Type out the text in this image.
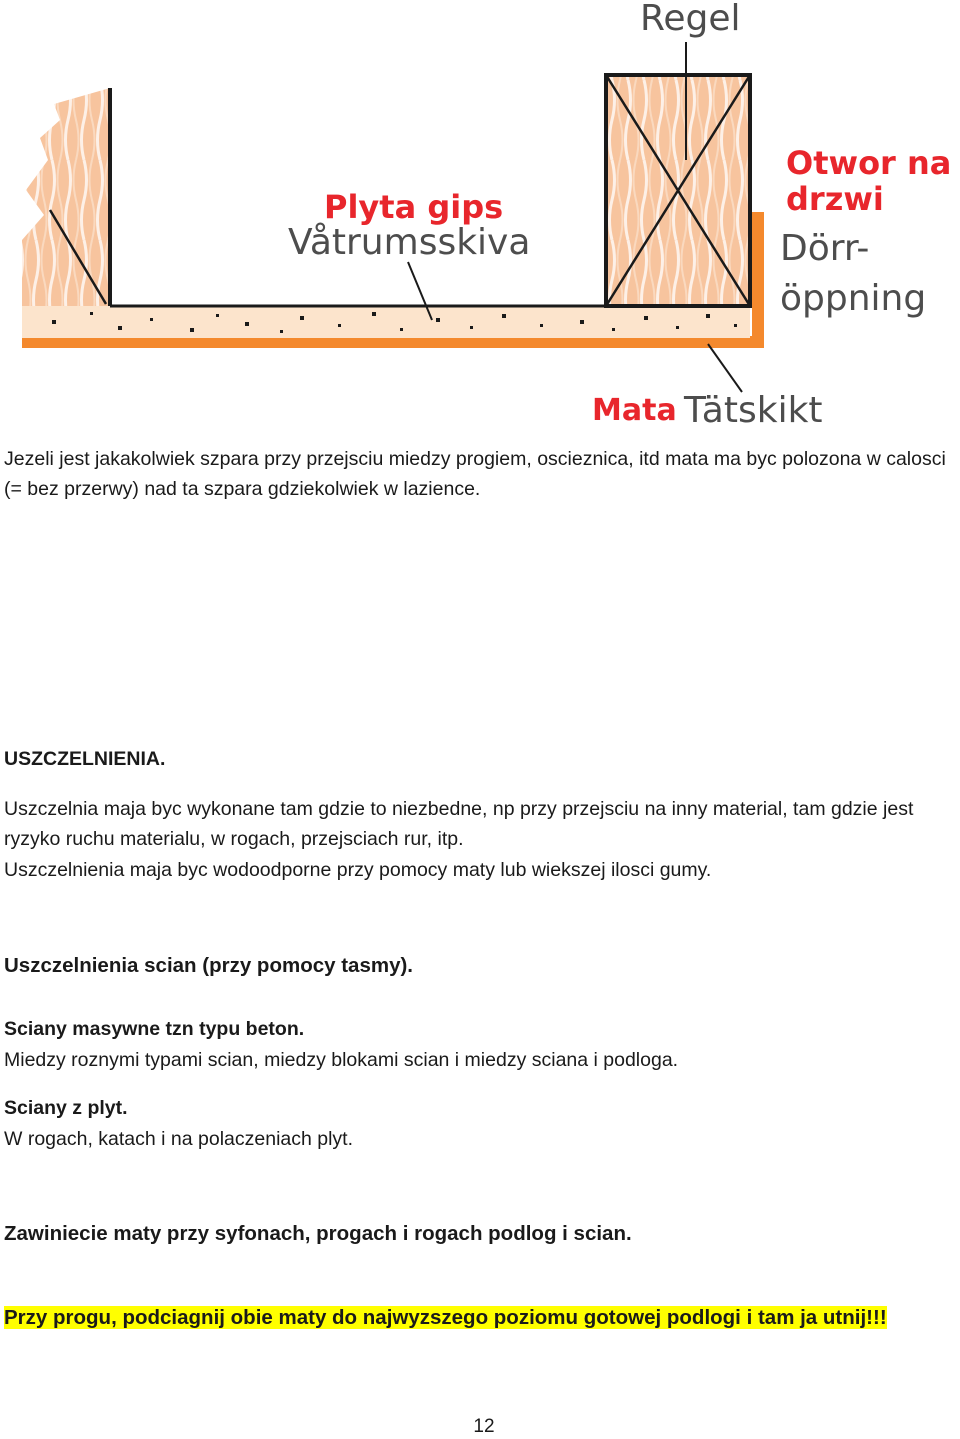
Regel
Plyta gips
Våtrumsskiva
Otwor na
drzwi
Dörr-
öppning
Mata Tätskikt

Jezeli jest jakakolwiek szpara przy przejsciu miedzy progiem, oscieznica, itd mata ma byc polozona w calosci (= bez przerwy) nad ta szpara gdziekolwiek w lazience.

USZCZELNIENIA.

Uszczelnia maja byc wykonane tam gdzie to niezbedne, np przy przejsciu na inny material, tam gdzie jest ryzyko ruchu materialu, w rogach, przejsciach rur, itp.

Uszczelnienia maja byc wodoodporne przy pomocy maty lub wiekszej ilosci gumy.

Uszczelnienia scian (przy pomocy tasmy).

Sciany masywne tzn typu beton.

Miedzy roznymi typami scian, miedzy blokami scian i miedzy sciana i podloga.

Sciany z plyt.

W rogach, katach i na polaczeniach plyt.

Zawiniecie maty przy syfonach, progach i rogach podlog i scian.

Przy progu, podciagnij obie maty do najwyzszego poziomu gotowej podlogi i tam ja utnij!!!

12
